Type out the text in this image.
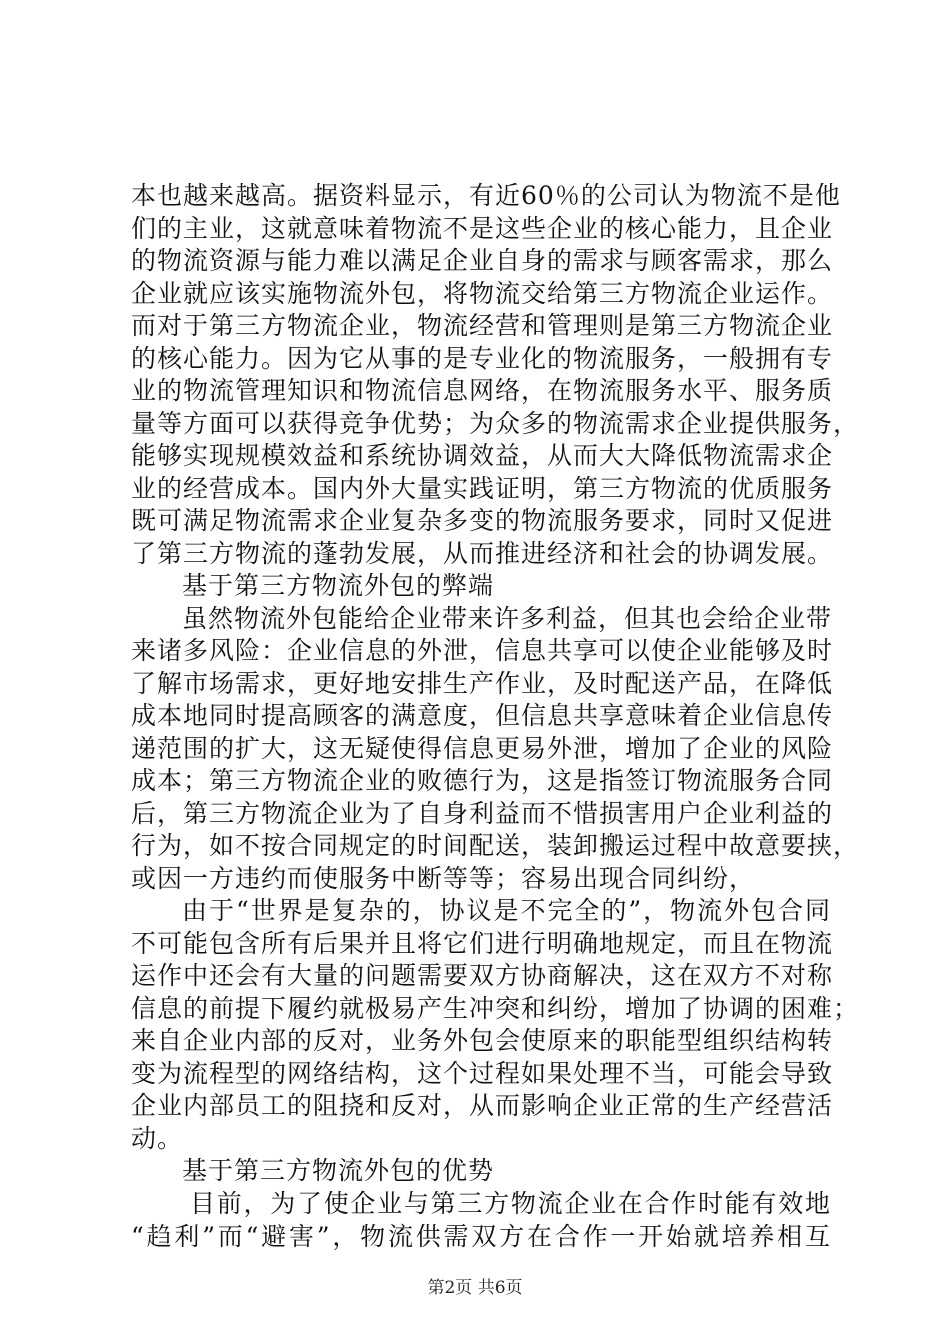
本也越来越高。据资料显示，有近60％的公司认为物流不是他
们的主业，这就意味着物流不是这些企业的核心能力，且企业
的物流资源与能力难以满足企业自身的需求与顾客需求，那么
企业就应该实施物流外包，将物流交给第三方物流企业运作。
而对于第三方物流企业，物流经营和管理则是第三方物流企业
的核心能力。因为它从事的是专业化的物流服务，一般拥有专
业的物流管理知识和物流信息网络，在物流服务水平、服务质
量等方面可以获得竞争优势；为众多的物流需求企业提供服务，
能够实现规模效益和系统协调效益，从而大大降低物流需求企
业的经营成本。国内外大量实践证明，第三方物流的优质服务
既可满足物流需求企业复杂多变的物流服务要求，同时又促进
了第三方物流的蓬勃发展，从而推进经济和社会的协调发展。
基于第三方物流外包的弊端
虽然物流外包能给企业带来许多利益，但其也会给企业带
来诸多风险：企业信息的外泄，信息共享可以使企业能够及时
了解市场需求，更好地安排生产作业，及时配送产品，在降低
成本地同时提高顾客的满意度，但信息共享意味着企业信息传
递范围的扩大，这无疑使得信息更易外泄，增加了企业的风险
成本；第三方物流企业的败德行为，这是指签订物流服务合同
后，第三方物流企业为了自身利益而不惜损害用户企业利益的
行为，如不按合同规定的时间配送，装卸搬运过程中故意要挟，
或因一方违约而使服务中断等等；容易出现合同纠纷，
由于“世界是复杂的，协议是不完全的”，物流外包合同
不可能包含所有后果并且将它们进行明确地规定，而且在物流
运作中还会有大量的问题需要双方协商解决，这在双方不对称
信息的前提下履约就极易产生冲突和纠纷，增加了协调的困难；
来自企业内部的反对，业务外包会使原来的职能型组织结构转
变为流程型的网络结构，这个过程如果处理不当，可能会导致
企业内部员工的阻挠和反对，从而影响企业正常的生产经营活
动。
基于第三方物流外包的优势
目前，为了使企业与第三方物流企业在合作时能有效地
“趋利”而“避害”，物流供需双方在合作一开始就培养相互
第2页 共6页
